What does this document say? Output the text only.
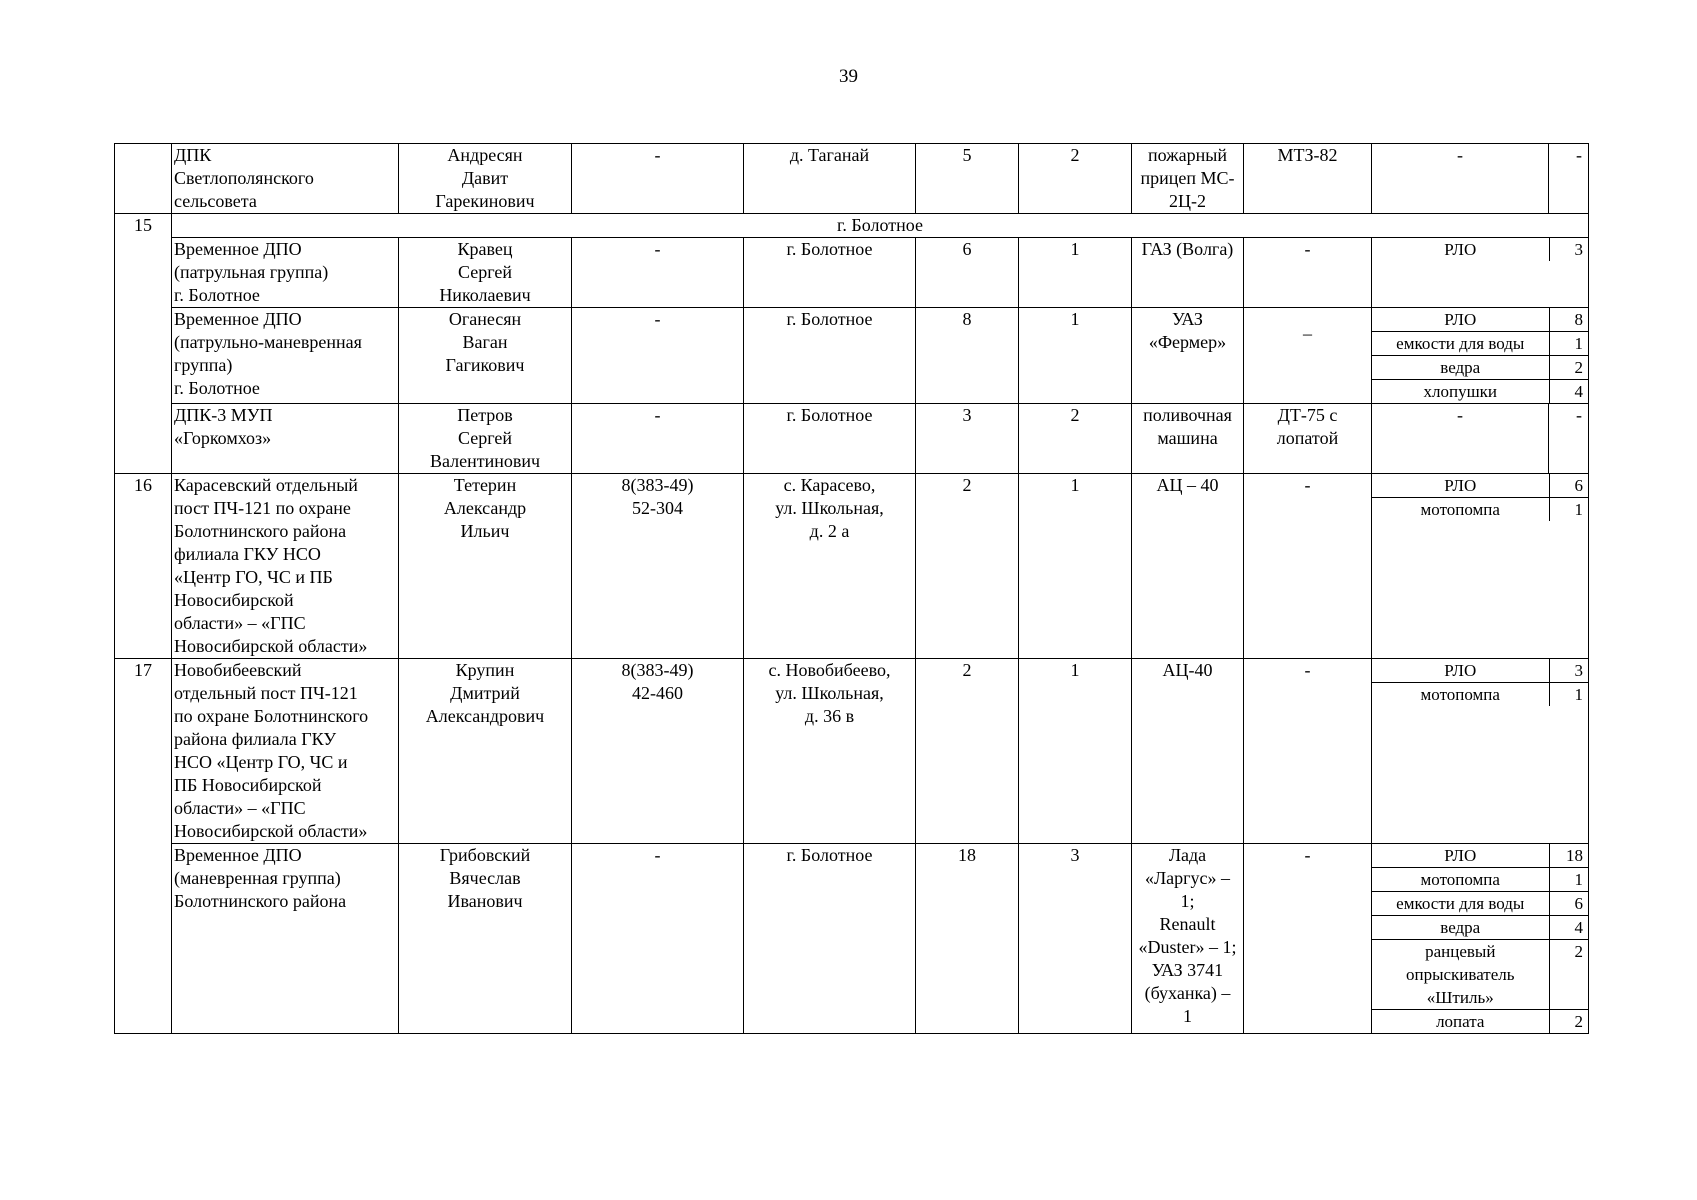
39
	ДПК
Светлополянского
сельсовета	Андресян
Давит
Гарекинович	-	д. Таганай	5	2	пожарный
прицеп МС-
2Ц-2	МТЗ-82	-	-
15	г. Болотное
Временное ДПО
(патрульная группа)
г. Болотное	Кравец
Сергей
Николаевич	-	г. Болотное	6	1	ГАЗ (Волга)	-		РЛО	3

Временное ДПО
(патрульно-маневренная
группа)
г. Болотное	Оганесян
Ваган
Гагикович	-	г. Болотное	8	1	УАЗ
«Фермер»	_		РЛО	8
емкости для воды	1
ведра	2
хлопушки	4

ДПК-3 МУП
«Горкомхоз»	Петров
Сергей
Валентинович	-	г. Болотное	3	2	поливочная
машина	ДТ-75 с
лопатой	-	-
16	Карасевский отдельный
пост ПЧ-121 по охране
Болотнинского района
филиала ГКУ НСО
«Центр ГО, ЧС и ПБ
Новосибирской
области» – «ГПС
Новосибирской области»	Тетерин
Александр
Ильич	8(383-49)
52-304	с. Карасево,
ул. Школьная,
д. 2 а	2	1	АЦ – 40	-		РЛО	6
мотопомпа	1

17	Новобибеевский
отдельный пост ПЧ-121
по охране Болотнинского
района филиала ГКУ
НСО «Центр ГО, ЧС и
ПБ Новосибирской
области» – «ГПС
Новосибирской области»	Крупин
Дмитрий
Александрович	8(383-49)
42-460	с. Новобибеево,
ул. Школьная,
д. 36 в	2	1	АЦ-40	-		РЛО	3
мотопомпа	1

Временное ДПО
(маневренная группа)
Болотнинского района	Грибовский
Вячеслав
Иванович	-	г. Болотное	18	3	Лада
«Ларгус» –
1;
Renault
«Duster» – 1;
УАЗ 3741
(буханка) –
1	-		РЛО	18
мотопомпа	1
емкости для воды	6
ведра	4
ранцевый
опрыскиватель
«Штиль»	2
лопата	2
